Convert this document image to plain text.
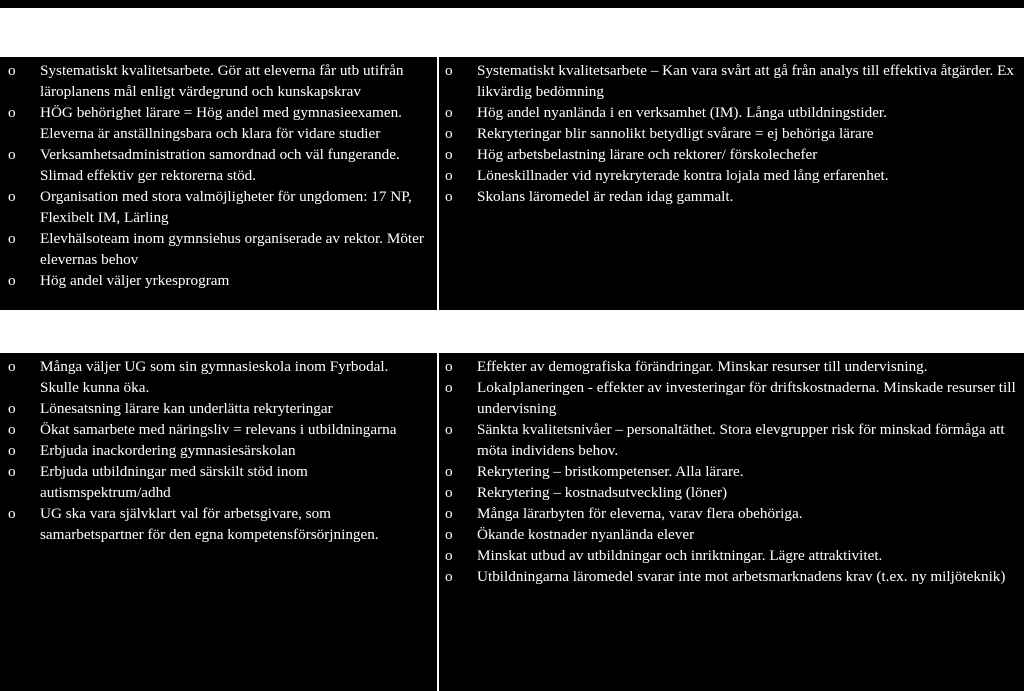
o Systematiskt kvalitetsarbete. Gör att eleverna får utb utifrån läroplanens mål enligt värdegrund och kunskapskrav
o HÖG behörighet lärare = Hög andel med gymnasieexamen. Eleverna är anställningsbara och klara för vidare studier
o Verksamhetsadministration samordnad och väl fungerande. Slimad effektiv ger rektorerna stöd.
o Organisation med stora valmöjligheter för ungdomen: 17 NP, Flexibelt IM, Lärling
o Elevhälsoteam inom gymnsiehus organiserade av rektor. Möter elevernas behov
o Hög andel väljer yrkesprogram
o Systematiskt kvalitetsarbete – Kan vara svårt att gå från analys till effektiva åtgärder. Ex likvärdig bedömning
o Hög andel nyanlända i en verksamhet (IM). Långa utbildningstider.
o Rekryteringar blir sannolikt betydligt svårare = ej behöriga lärare
o Hög arbetsbelastning lärare och rektorer/ förskolechefer
o Löneskillnader vid nyrekryterade kontra lojala med lång erfarenhet.
o Skolans läromedel är redan idag gammalt.
o Många väljer UG som sin gymnasieskola inom Fyrbodal. Skulle kunna öka.
o Lönesatsning lärare kan underlätta rekryteringar
o Ökat samarbete med näringsliv = relevans i utbildningarna
o Erbjuda inackordering gymnasiesärskolan
o Erbjuda utbildningar med särskilt stöd inom autismspektrum/adhd
o UG ska vara självklart val för arbetsgivare, som samarbetspartner för den egna kompetensförsörjningen.
o Effekter av demografiska förändringar. Minskar resurser till undervisning.
o Lokalplaneringen - effekter av investeringar för driftskostnaderna. Minskade resurser till undervisning
o Sänkta kvalitetsnivåer – personaltäthet. Stora elevgrupper risk för minskad förmåga att möta individens behov.
o Rekrytering – bristkompetenser. Alla lärare.
o Rekrytering – kostnadsutveckling (löner)
o Många lärarbyten för eleverna, varav flera obehöriga.
o Ökande kostnader nyanlända elever
o Minskat utbud av utbildningar och inriktningar. Lägre attraktivitet.
o Utbildningarna läromedel svarar inte mot arbetsmarknadens krav (t.ex. ny miljöteknik)
